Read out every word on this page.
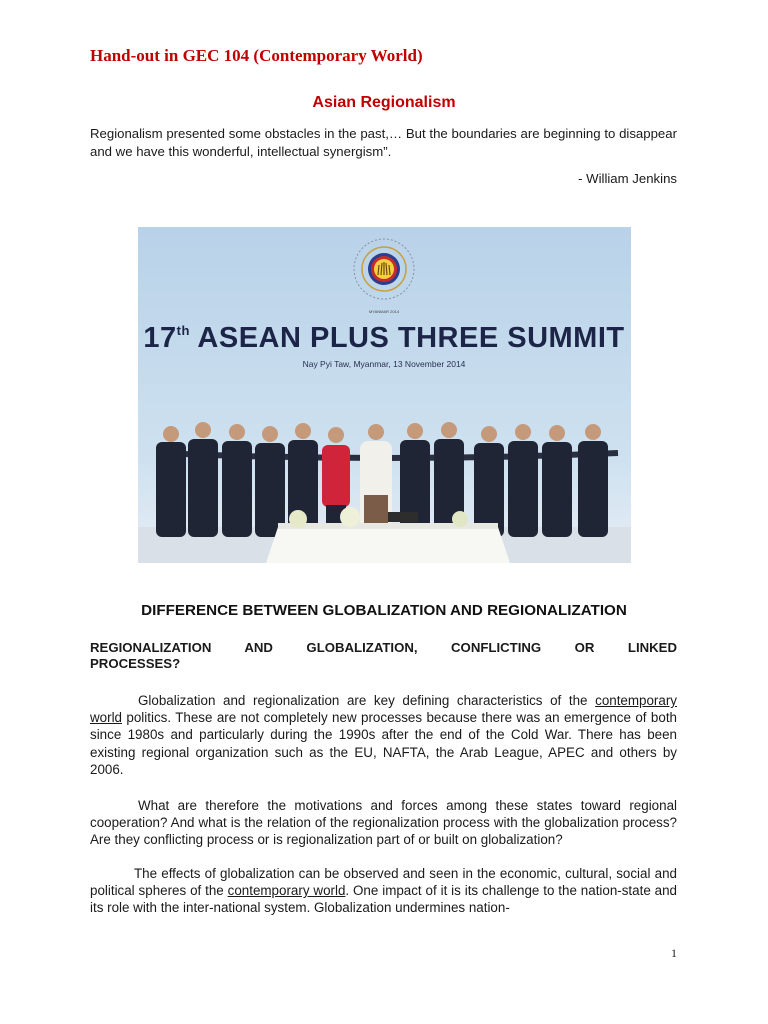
Hand-out in GEC 104 (Contemporary World)
Asian Regionalism

Regionalism presented some obstacles in the past,… But the boundaries are beginning to disappear and we have this wonderful, intellectual synergism”.

- William Jenkins

MYANMAR 2014
17th ASEAN PLUS THREE SUMMIT
Nay Pyi Taw, Myanmar, 13 November 2014
DIFFERENCE BETWEEN GLOBALIZATION AND REGIONALIZATION

REGIONALIZATION AND GLOBALIZATION, CONFLICTING OR LINKED
PROCESSES?

Globalization and regionalization are key defining characteristics of the contemporary world politics. These are not completely new processes because there was an emergence of both since 1980s and particularly during the 1990s after the end of the Cold War. There has been existing regional organization such as the EU, NAFTA, the Arab League, APEC and others by 2006.

What are therefore the motivations and forces among these states toward regional cooperation? And what is the relation of the regionalization process with the globalization process? Are they conflicting process or is regionalization part of or built on globalization?

The effects of globalization can be observed and seen in the economic, cultural, social and political spheres of the contemporary world. One impact of it is its challenge to the nation-state and its role with the inter-national system. Globalization undermines nation-

1
